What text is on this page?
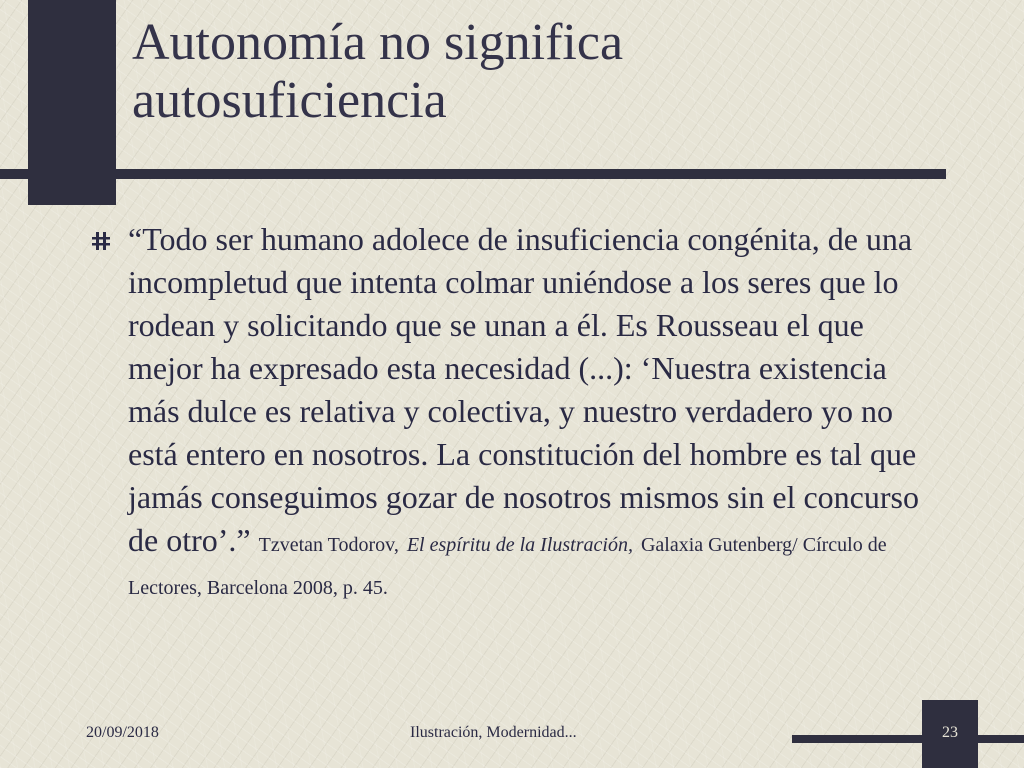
Autonomía no significa
autosuficiencia

“Todo ser humano adolece de insuficiencia congénita, de una incompletud que intenta colmar uniéndose a los seres que lo rodean y solicitando que se unan a él. Es Rousseau el que mejor ha expresado esta necesidad (...): ‘Nuestra existencia más dulce es relativa y colectiva, y nuestro verdadero yo no está entero en nosotros. La constitución del hombre es tal que jamás conseguimos gozar de nosotros mismos sin el concurso de otro’.” Tzvetan Todorov, El espíritu de la Ilustración, Galaxia Gutenberg/ Círculo de Lectores, Barcelona 2008, p. 45.

20/09/2018	Ilustración, Modernidad...	23
